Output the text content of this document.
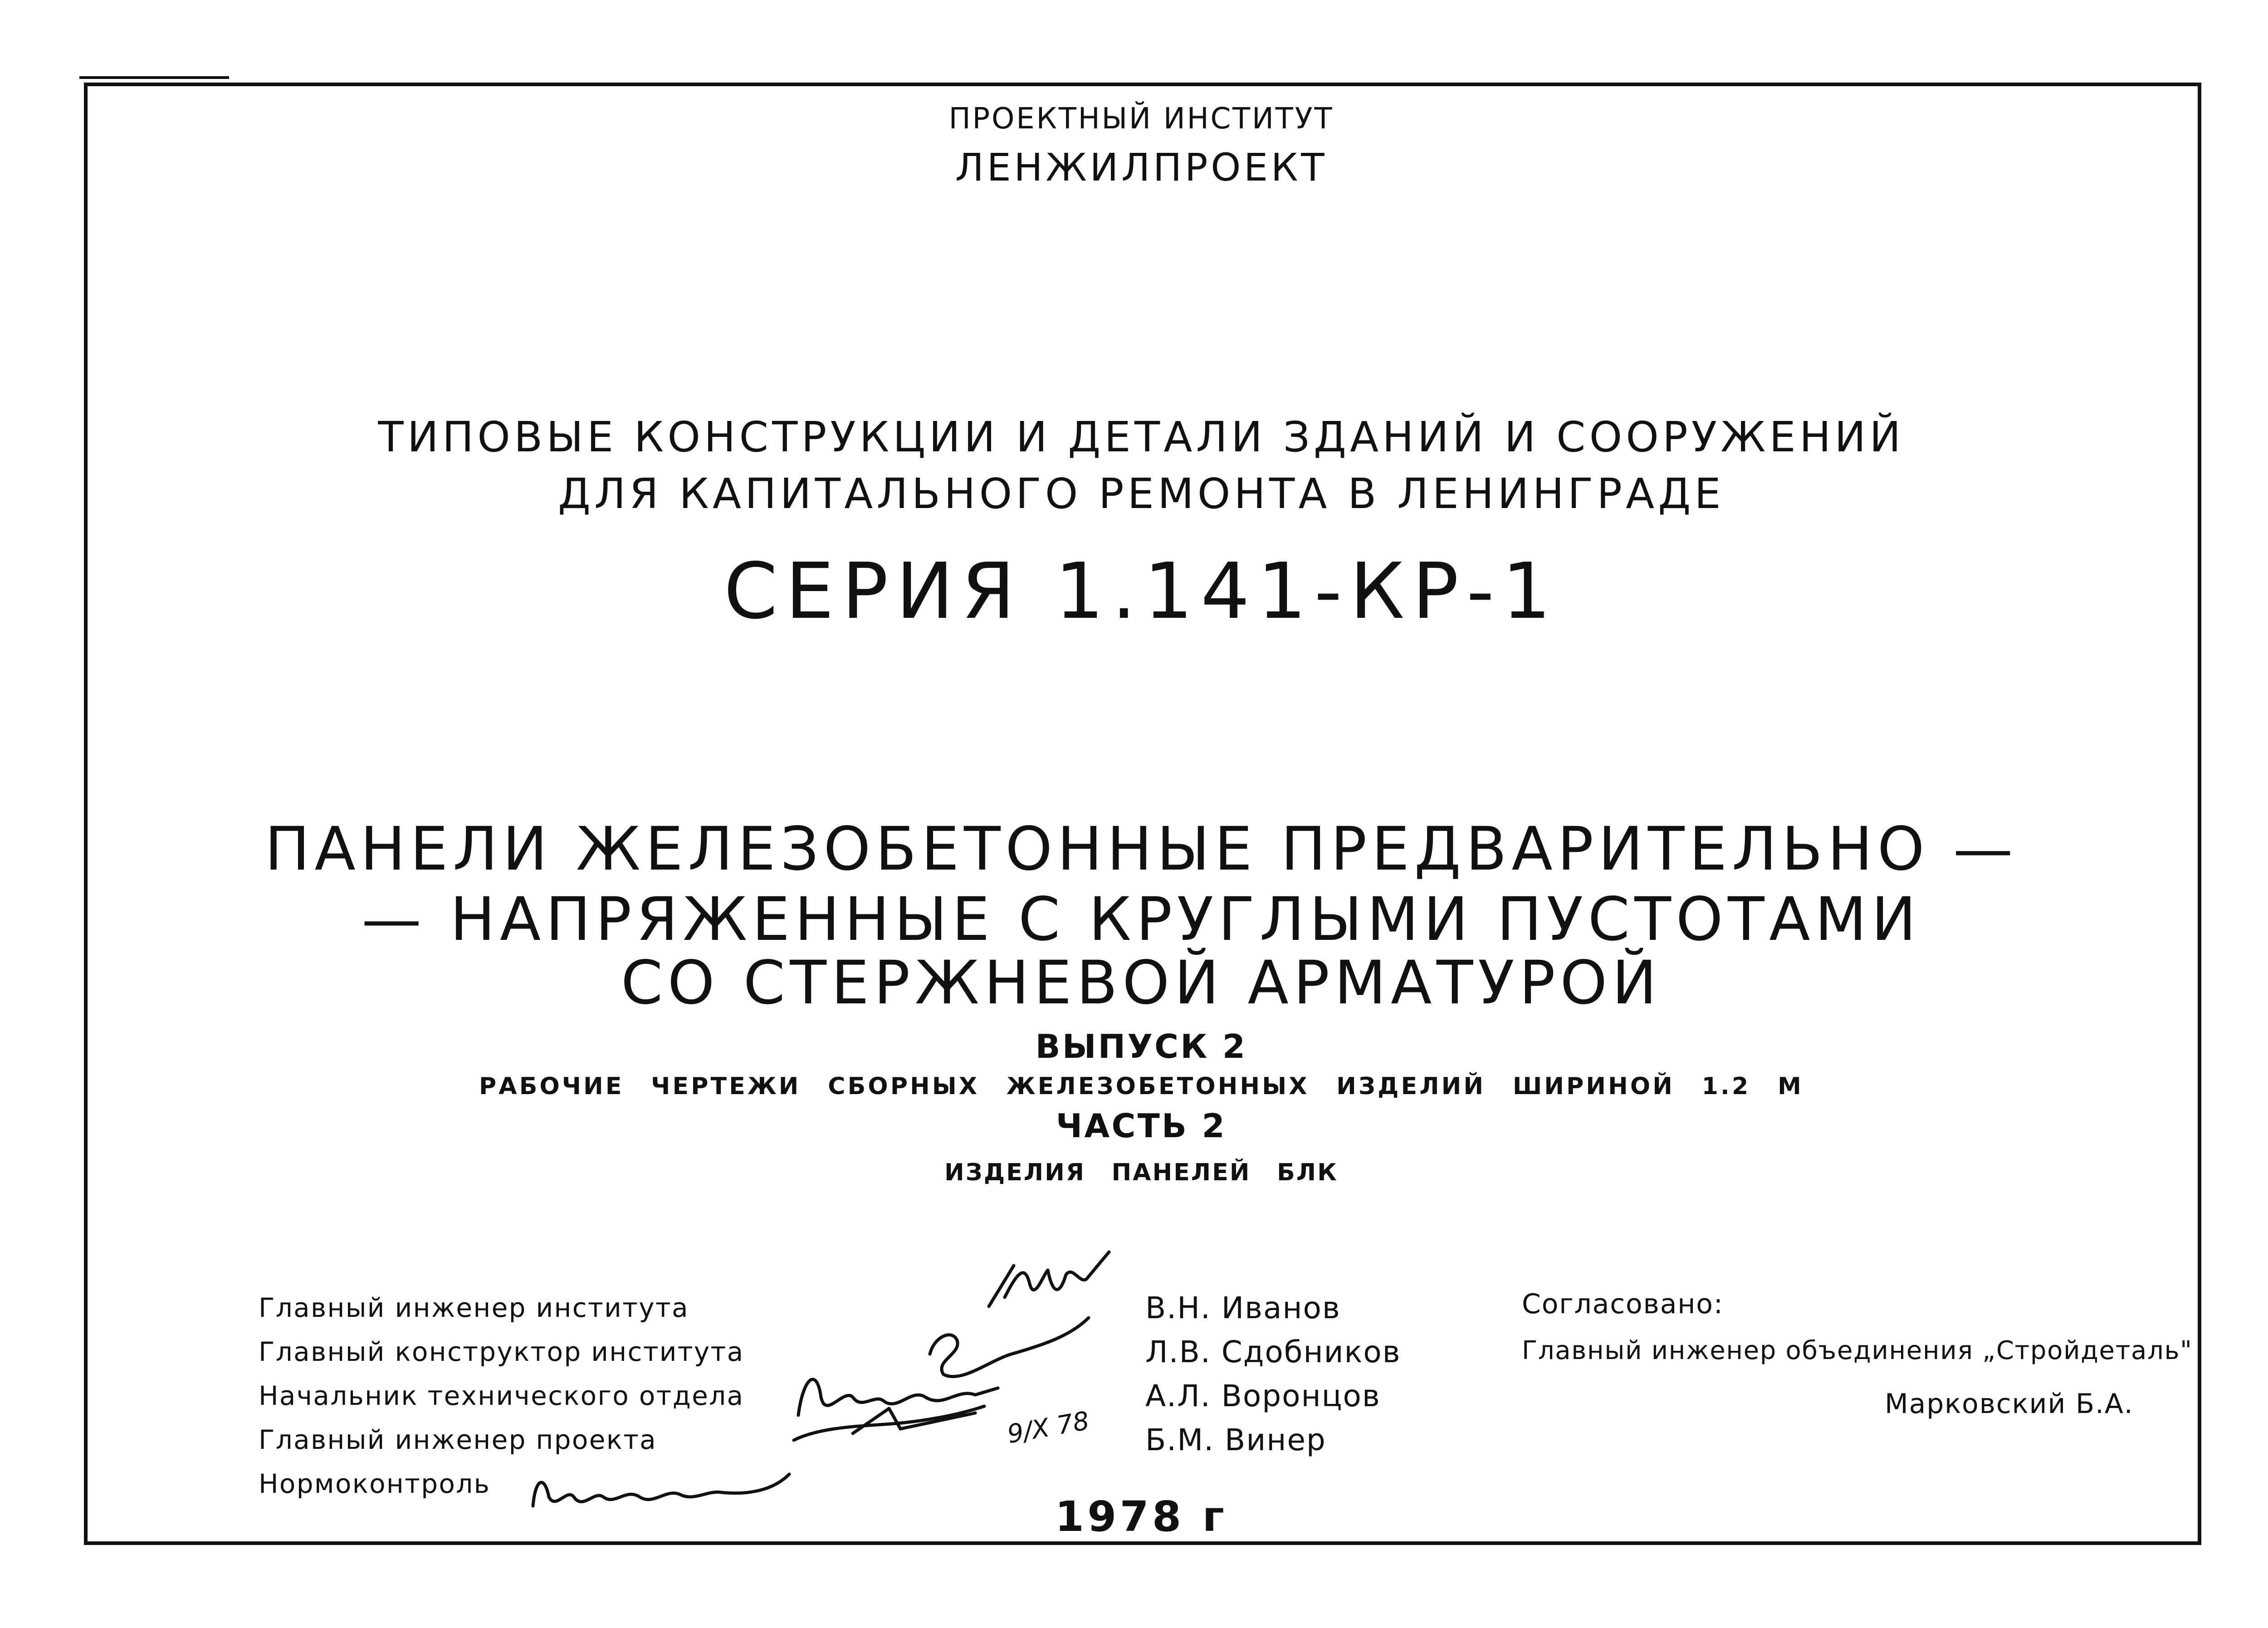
ПРОЕКТНЫЙ ИНСТИТУТ
ЛЕНЖИЛПРОЕКТ
ТИПОВЫЕ КОНСТРУКЦИИ И ДЕТАЛИ ЗДАНИЙ И СООРУЖЕНИЙ
ДЛЯ КАПИТАЛЬНОГО РЕМОНТА В ЛЕНИНГРАДЕ
СЕРИЯ 1.141-КР-1
ПАНЕЛИ ЖЕЛЕЗОБЕТОННЫЕ ПРЕДВАРИТЕЛЬНО —
— НАПРЯЖЕННЫЕ С КРУГЛЫМИ ПУСТОТАМИ
СО СТЕРЖНЕВОЙ АРМАТУРОЙ
ВЫПУСК 2
РАБОЧИЕ ЧЕРТЕЖИ СБОРНЫХ ЖЕЛЕЗОБЕТОННЫХ ИЗДЕЛИЙ ШИРИНОЙ 1.2 М
ЧАСТЬ 2
ИЗДЕЛИЯ ПАНЕЛЕЙ БЛК
Главный инженер института
Главный конструктор института
Начальник технического отдела
Главный инженер проекта
Нормоконтроль
В.Н. Иванов
Л.В. Сдобников
А.Л. Воронцов
Б.М. Винер
9/X 78
Согласовано:
Главный инженер объединения „Стройдеталь"
Марковский Б.А.
1978 г
